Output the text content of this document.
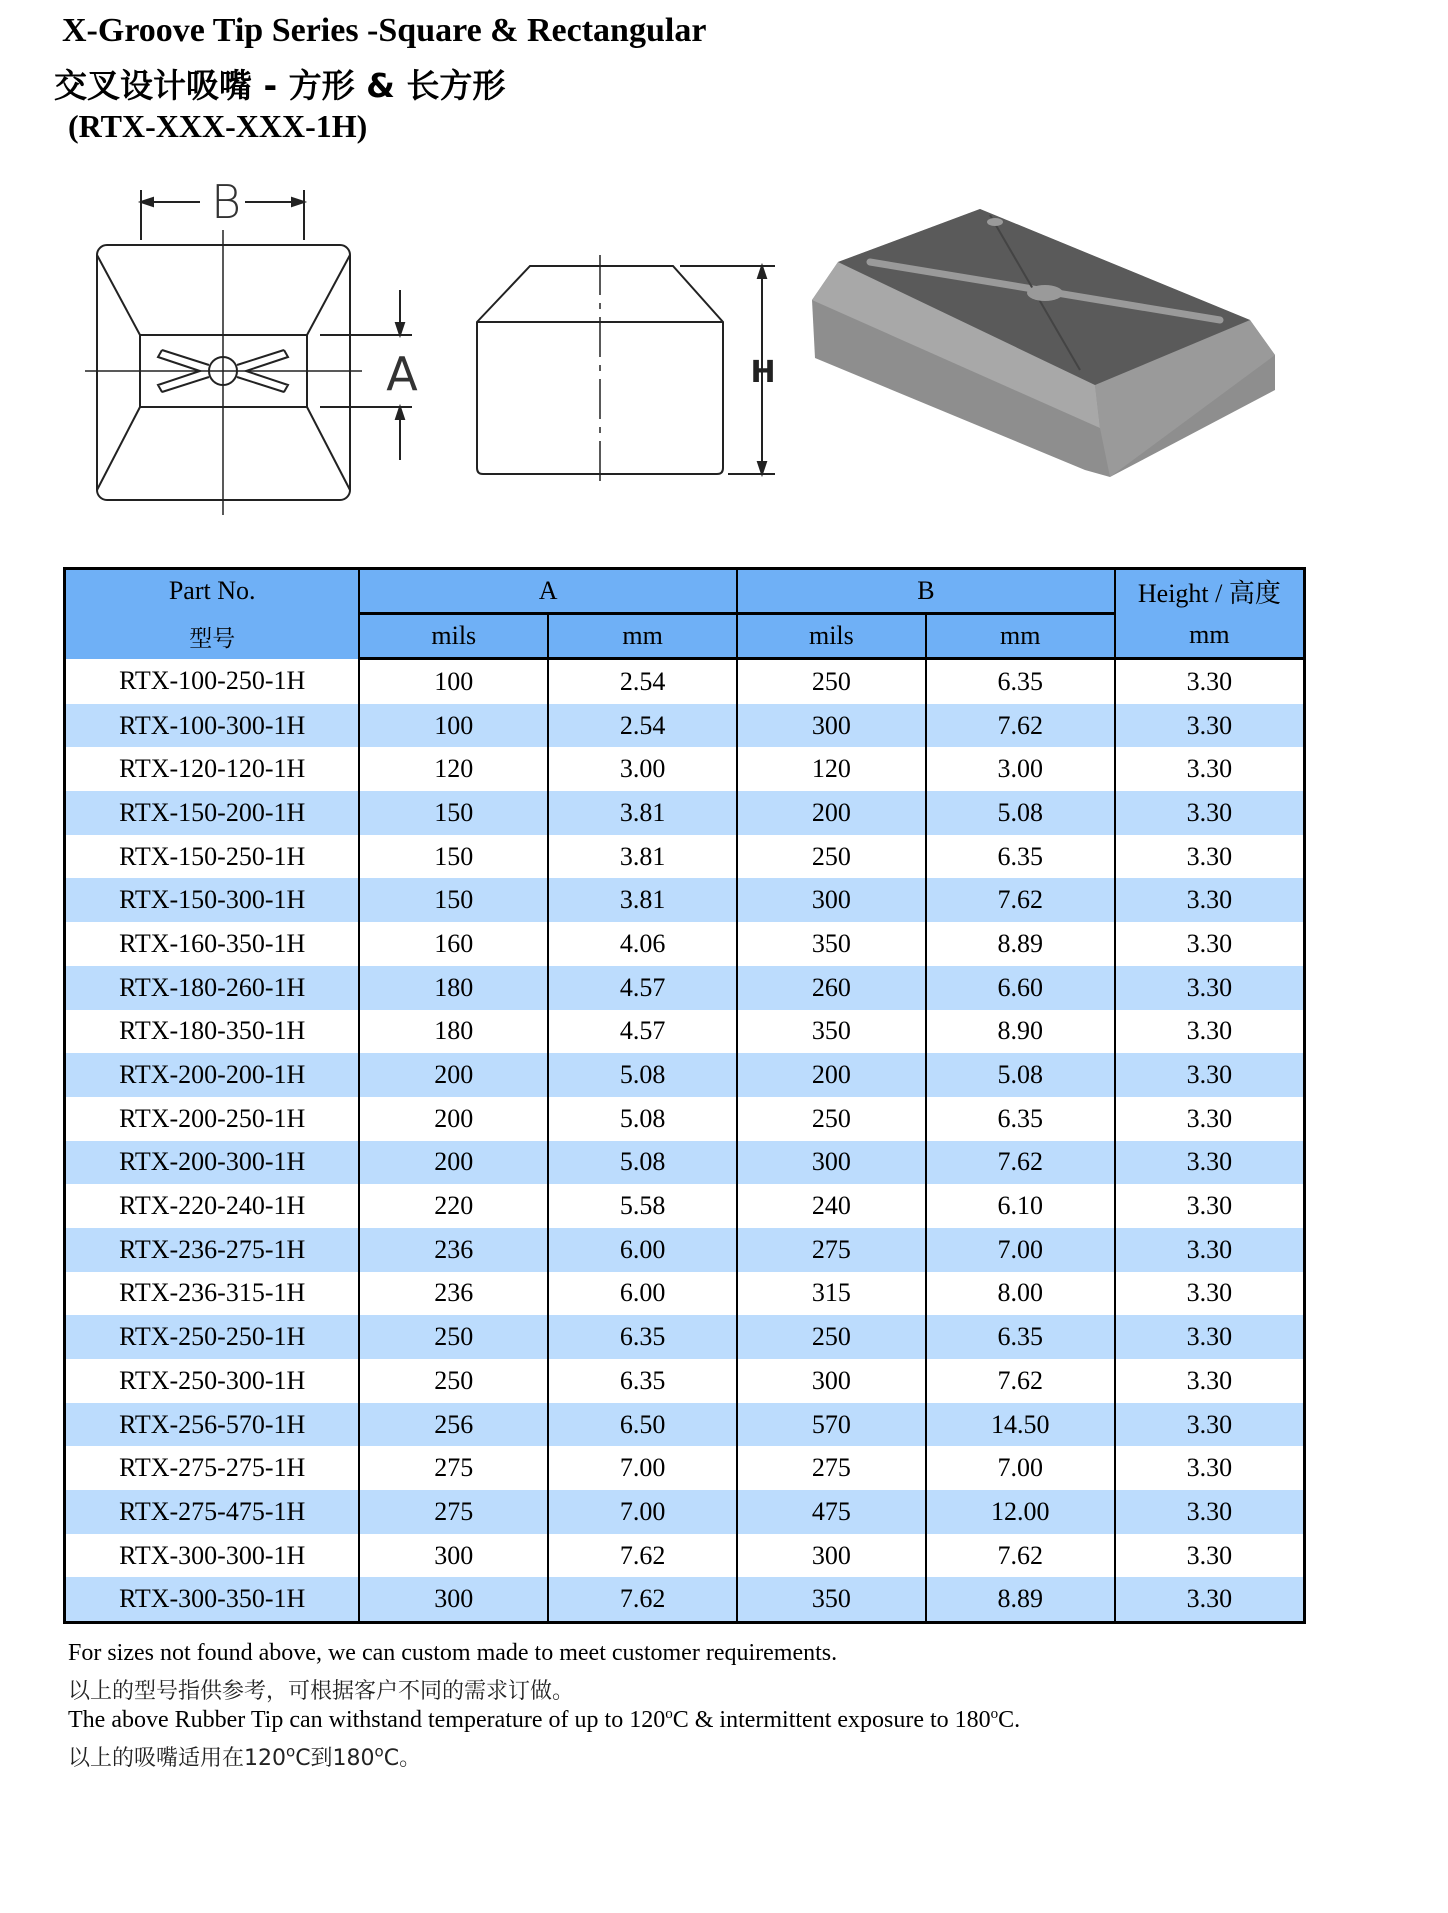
X-Groove Tip Series -Square & Rectangular
交叉设计吸嘴 - 方形 & 长方形
(RTX-XXX-XXX-1H)
B
A	H
Part No.
型号	A		B		Height / 高度
	mils	mm	mils	mm	mm
RTX-100-250-1H	100	2.54	250	6.35	3.30
RTX-100-300-1H	100	2.54	300	7.62	3.30
RTX-120-120-1H	120	3.00	120	3.00	3.30
RTX-150-200-1H	150	3.81	200	5.08	3.30
RTX-150-250-1H	150	3.81	250	6.35	3.30
RTX-150-300-1H	150	3.81	300	7.62	3.30
RTX-160-350-1H	160	4.06	350	8.89	3.30
RTX-180-260-1H	180	4.57	260	6.60	3.30
RTX-180-350-1H	180	4.57	350	8.90	3.30
RTX-200-200-1H	200	5.08	200	5.08	3.30
RTX-200-250-1H	200	5.08	250	6.35	3.30
RTX-200-300-1H	200	5.08	300	7.62	3.30
RTX-220-240-1H	220	5.58	240	6.10	3.30
RTX-236-275-1H	236	6.00	275	7.00	3.30
RTX-236-315-1H	236	6.00	315	8.00	3.30
RTX-250-250-1H	250	6.35	250	6.35	3.30
RTX-250-300-1H	250	6.35	300	7.62	3.30
RTX-256-570-1H	256	6.50	570	14.50	3.30
RTX-275-275-1H	275	7.00	275	7.00	3.30
RTX-275-475-1H	275	7.00	475	12.00	3.30
RTX-300-300-1H	300	7.62	300	7.62	3.30
RTX-300-350-1H	300	7.62	350	8.89	3.30
For sizes not found above, we can custom made to meet customer requirements.
以上的型号指供参考，可根据客户不同的需求订做。
The above Rubber Tip can withstand temperature of up to 120$^o$C & intermittent exposure to 180$^o$C.
以上的吸嘴适用在120$^o$C到180$^o$C。
